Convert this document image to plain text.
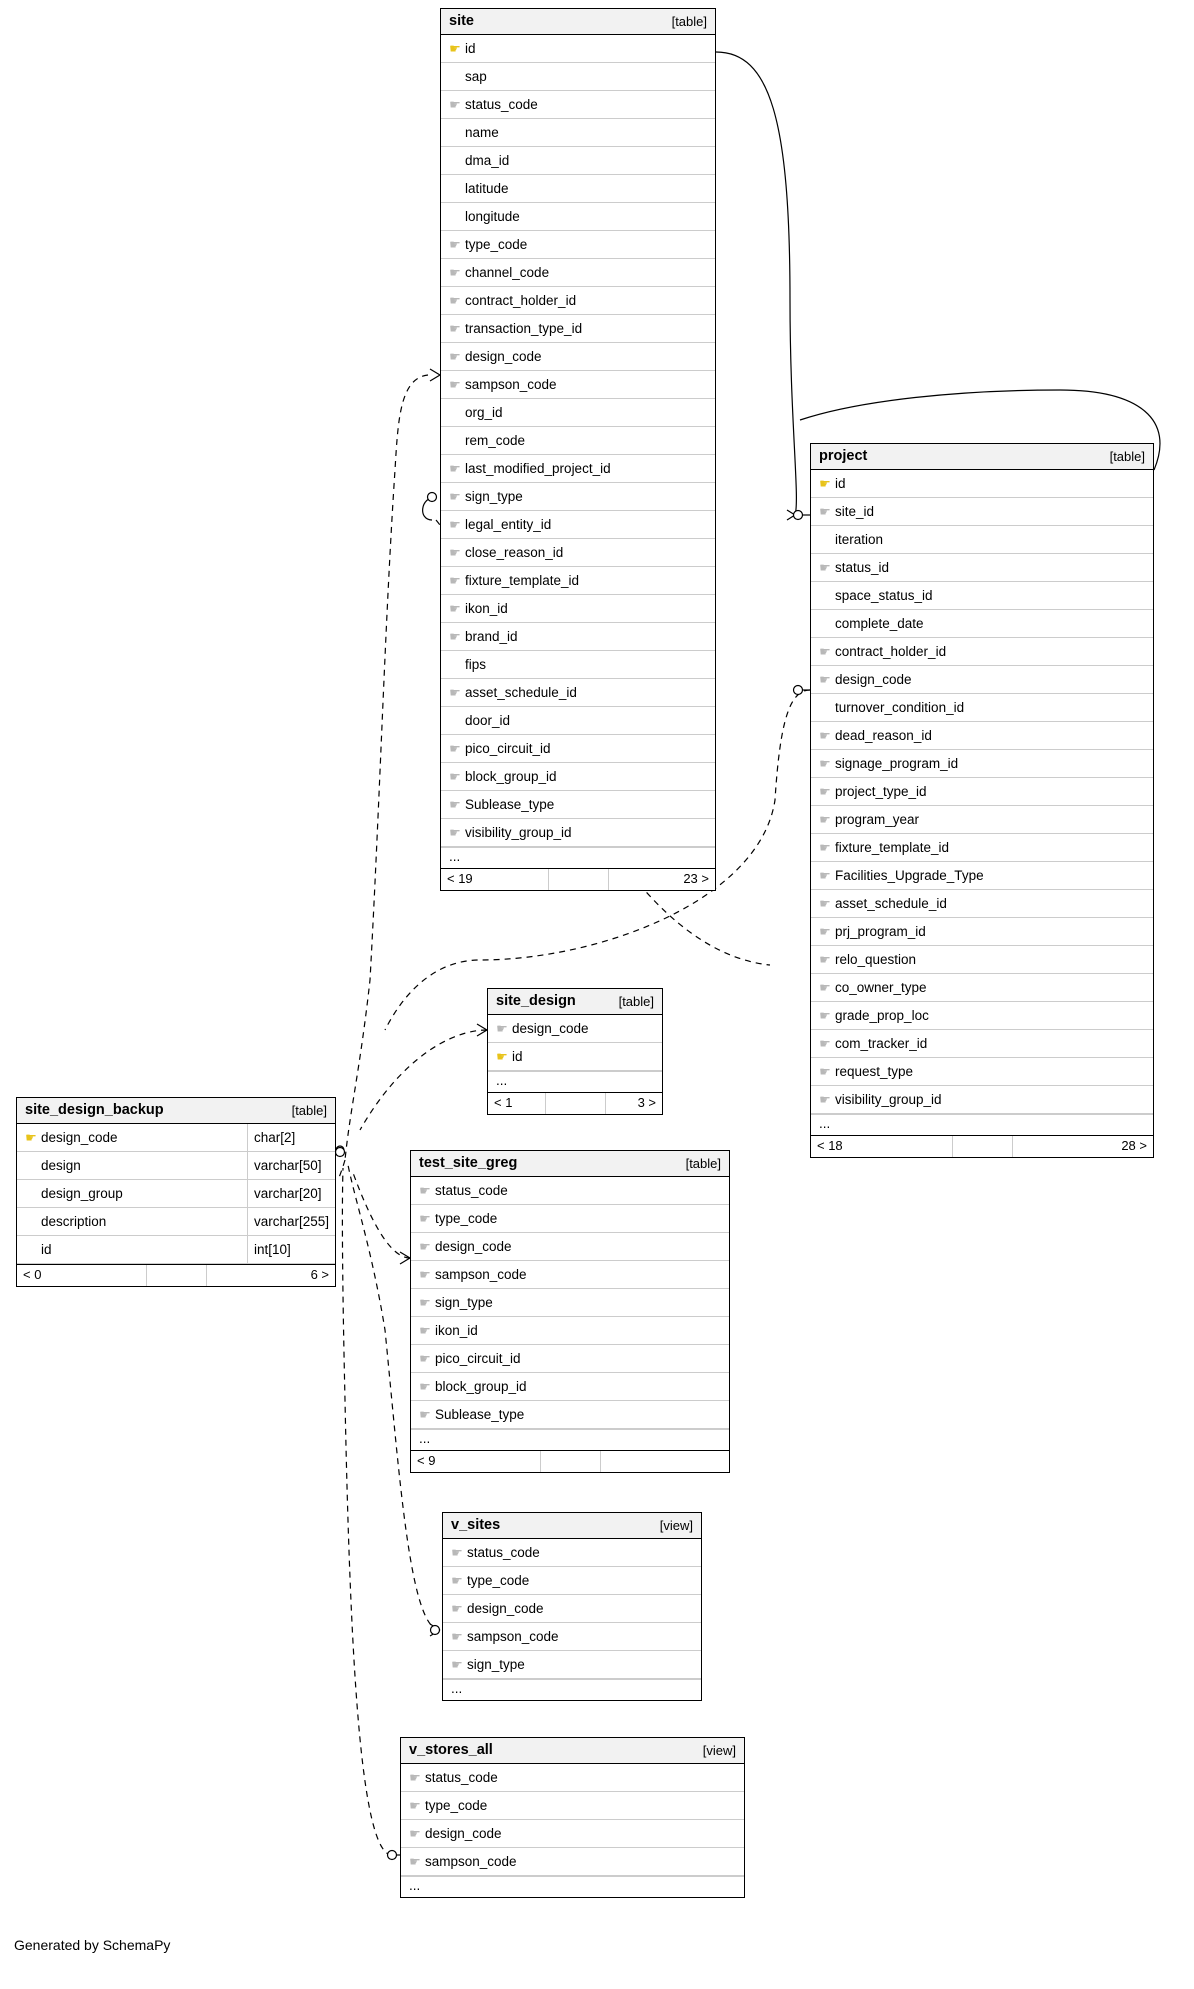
site	[table]
☛ id
sap
☛ status_code
name
dma_id
latitude
longitude
☛ type_code
☛ channel_code
☛ contract_holder_id
☛ transaction_type_id
☛ design_code
☛ sampson_code
org_id
rem_code
☛ last_modified_project_id
☛ sign_type
☛ legal_entity_id
☛ close_reason_id
☛ fixture_template_id
☛ ikon_id
☛ brand_id
fips
☛ asset_schedule_id
door_id
☛ pico_circuit_id
☛ block_group_id
☛ Sublease_type
☛ visibility_group_id
...
< 19	23 >
project	[table]
☛ id
☛ site_id
iteration
☛ status_id
space_status_id
complete_date
☛ contract_holder_id
☛ design_code
turnover_condition_id
☛ dead_reason_id
☛ signage_program_id
☛ project_type_id
☛ program_year
☛ fixture_template_id
☛ Facilities_Upgrade_Type
☛ asset_schedule_id
☛ prj_program_id
☛ relo_question
☛ co_owner_type
☛ grade_prop_loc
☛ com_tracker_id
☛ request_type
☛ visibility_group_id
...
< 18	28 >
site_design	[table]
☛ design_code
☛ id
...
< 1	3 >
site_design_backup	[table]
☛ design_code	char[2]
design	varchar[50]
design_group	varchar[20]
description	varchar[255]
id	int[10]
< 0	6 >
test_site_greg	[table]
☛ status_code
☛ type_code
☛ design_code
☛ sampson_code
☛ sign_type
☛ ikon_id
☛ pico_circuit_id
☛ block_group_id
☛ Sublease_type
...
< 9
v_sites	[view]
☛ status_code
☛ type_code
☛ design_code
☛ sampson_code
☛ sign_type
...
v_stores_all	[view]
☛ status_code
☛ type_code
☛ design_code
☛ sampson_code
...
Generated by SchemaPy
